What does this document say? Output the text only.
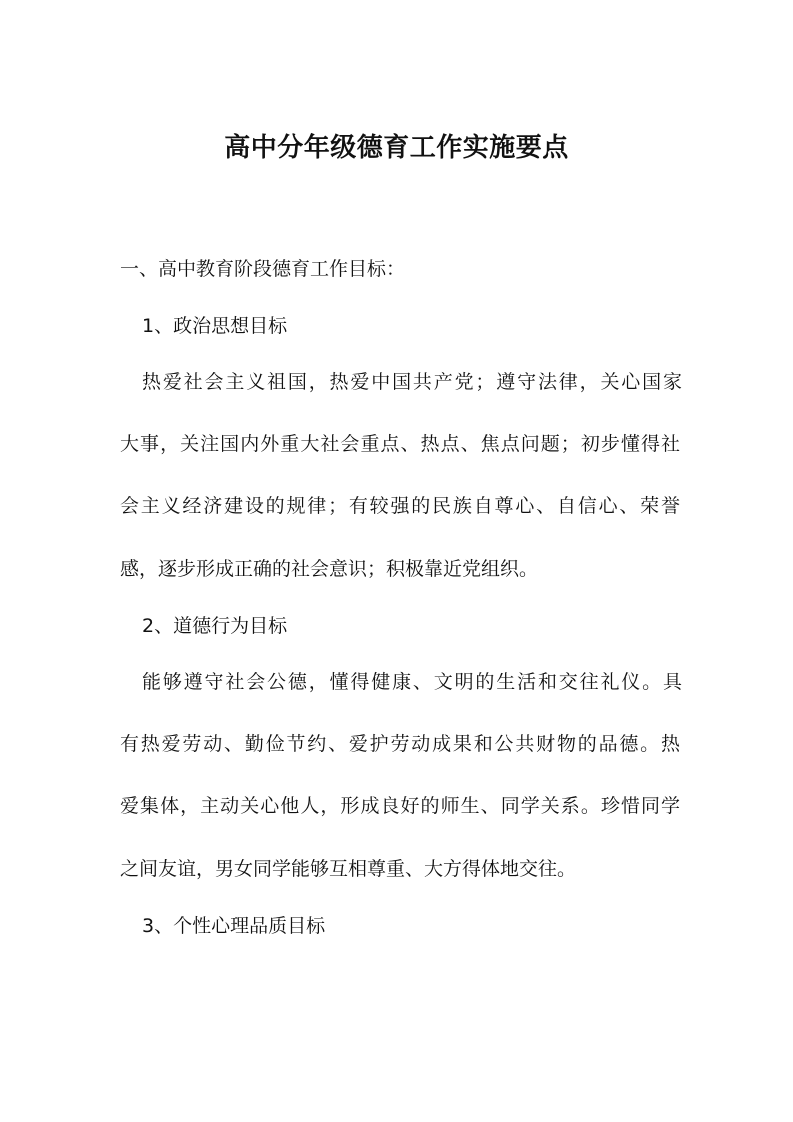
高中分年级德育工作实施要点
一、高中教育阶段德育工作目标：
1、政治思想目标
热爱社会主义祖国，热爱中国共产党；遵守法律，关心国家
大事，关注国内外重大社会重点、热点、焦点问题；初步懂得社
会主义经济建设的规律；有较强的民族自尊心、自信心、荣誉
感，逐步形成正确的社会意识；积极靠近党组织。
2、道德行为目标
能够遵守社会公德，懂得健康、文明的生活和交往礼仪。具
有热爱劳动、勤俭节约、爱护劳动成果和公共财物的品德。热
爱集体，主动关心他人，形成良好的师生、同学关系。珍惜同学
之间友谊，男女同学能够互相尊重、大方得体地交往。
3、个性心理品质目标
